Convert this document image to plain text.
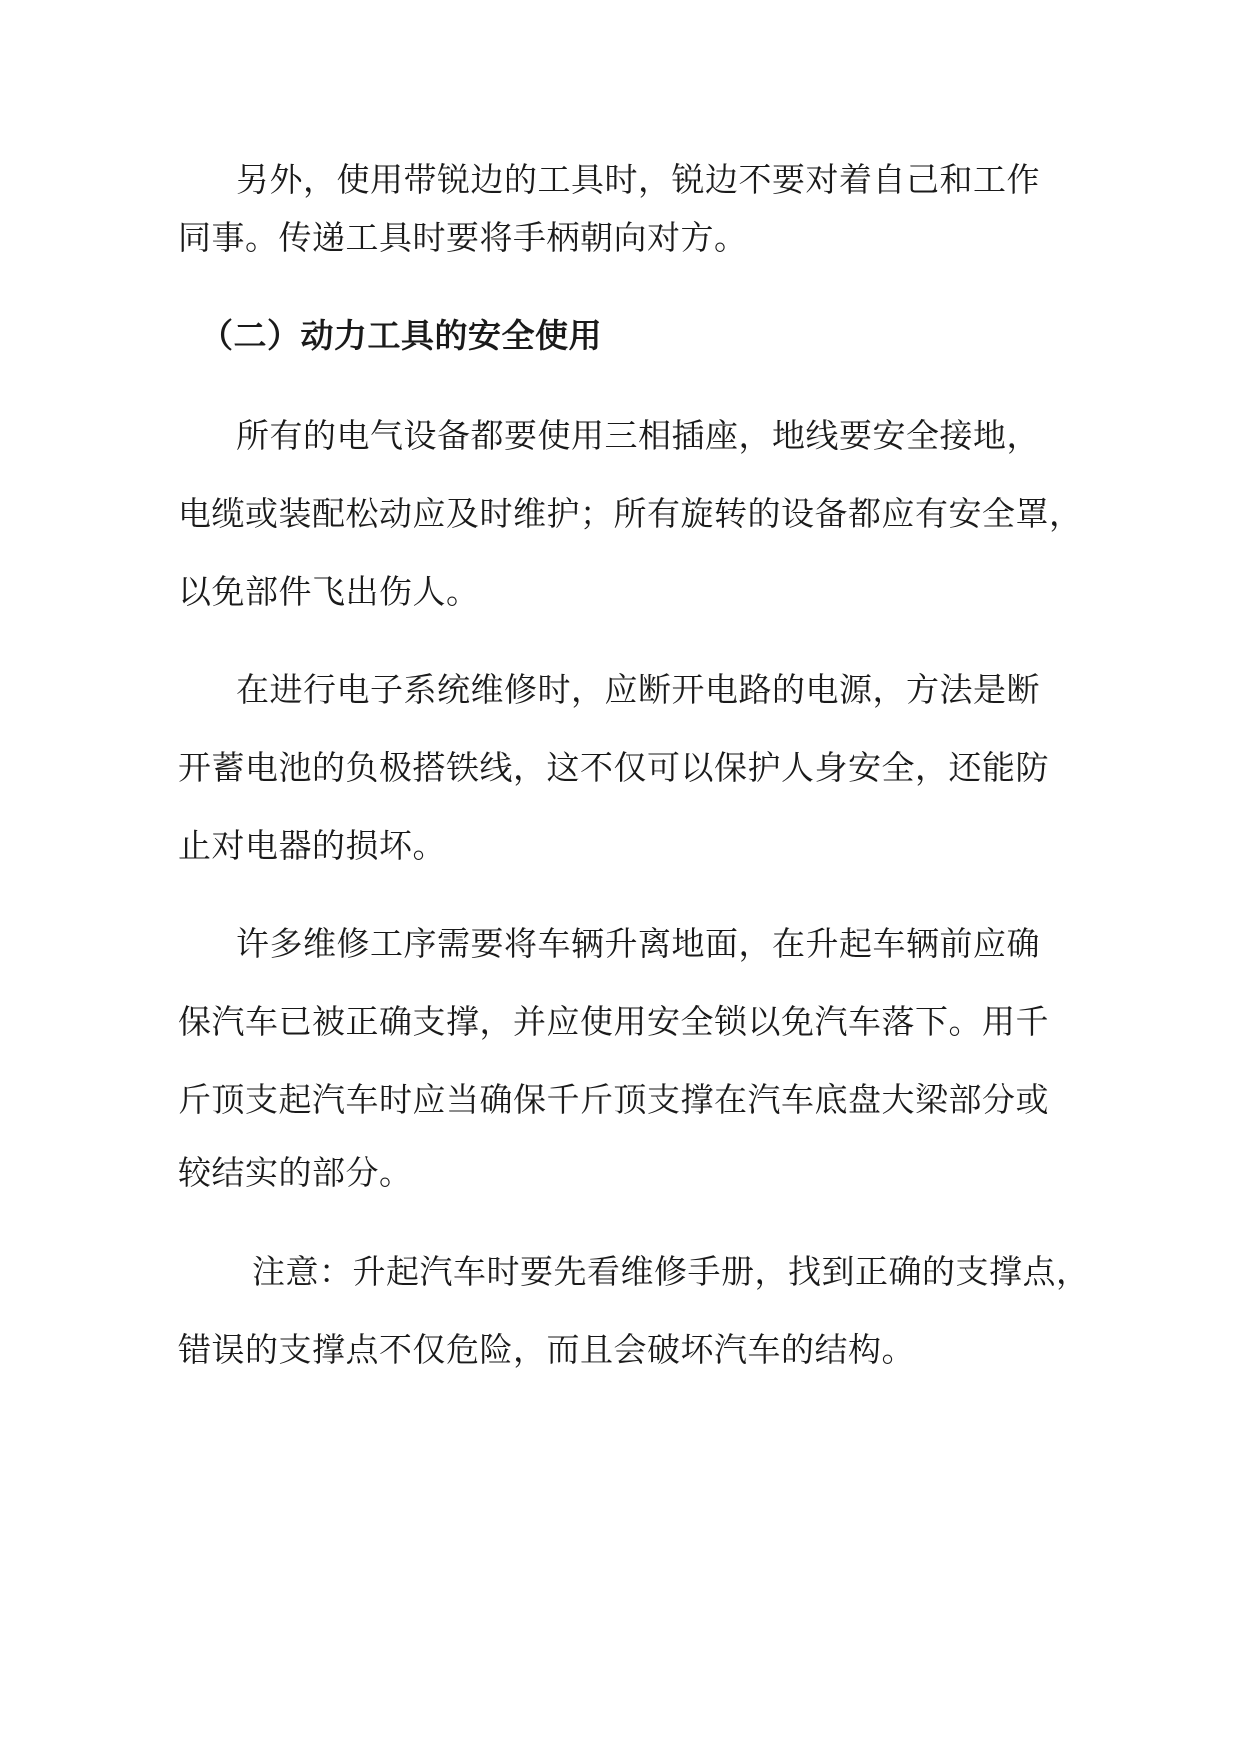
另外，使用带锐边的工具时，锐边不要对着自己和工作
同事。传递工具时要将手柄朝向对方。
（二）动力工具的安全使用
所有的电气设备都要使用三相插座，地线要安全接地，
电缆或装配松动应及时维护；所有旋转的设备都应有安全罩，
以免部件飞出伤人。
在进行电子系统维修时，应断开电路的电源，方法是断
开蓄电池的负极搭铁线，这不仅可以保护人身安全，还能防
止对电器的损坏。
许多维修工序需要将车辆升离地面，在升起车辆前应确
保汽车已被正确支撑，并应使用安全锁以免汽车落下。用千
斤顶支起汽车时应当确保千斤顶支撑在汽车底盘大梁部分或
较结实的部分。
注意：升起汽车时要先看维修手册，找到正确的支撑点，
错误的支撑点不仅危险，而且会破坏汽车的结构。
